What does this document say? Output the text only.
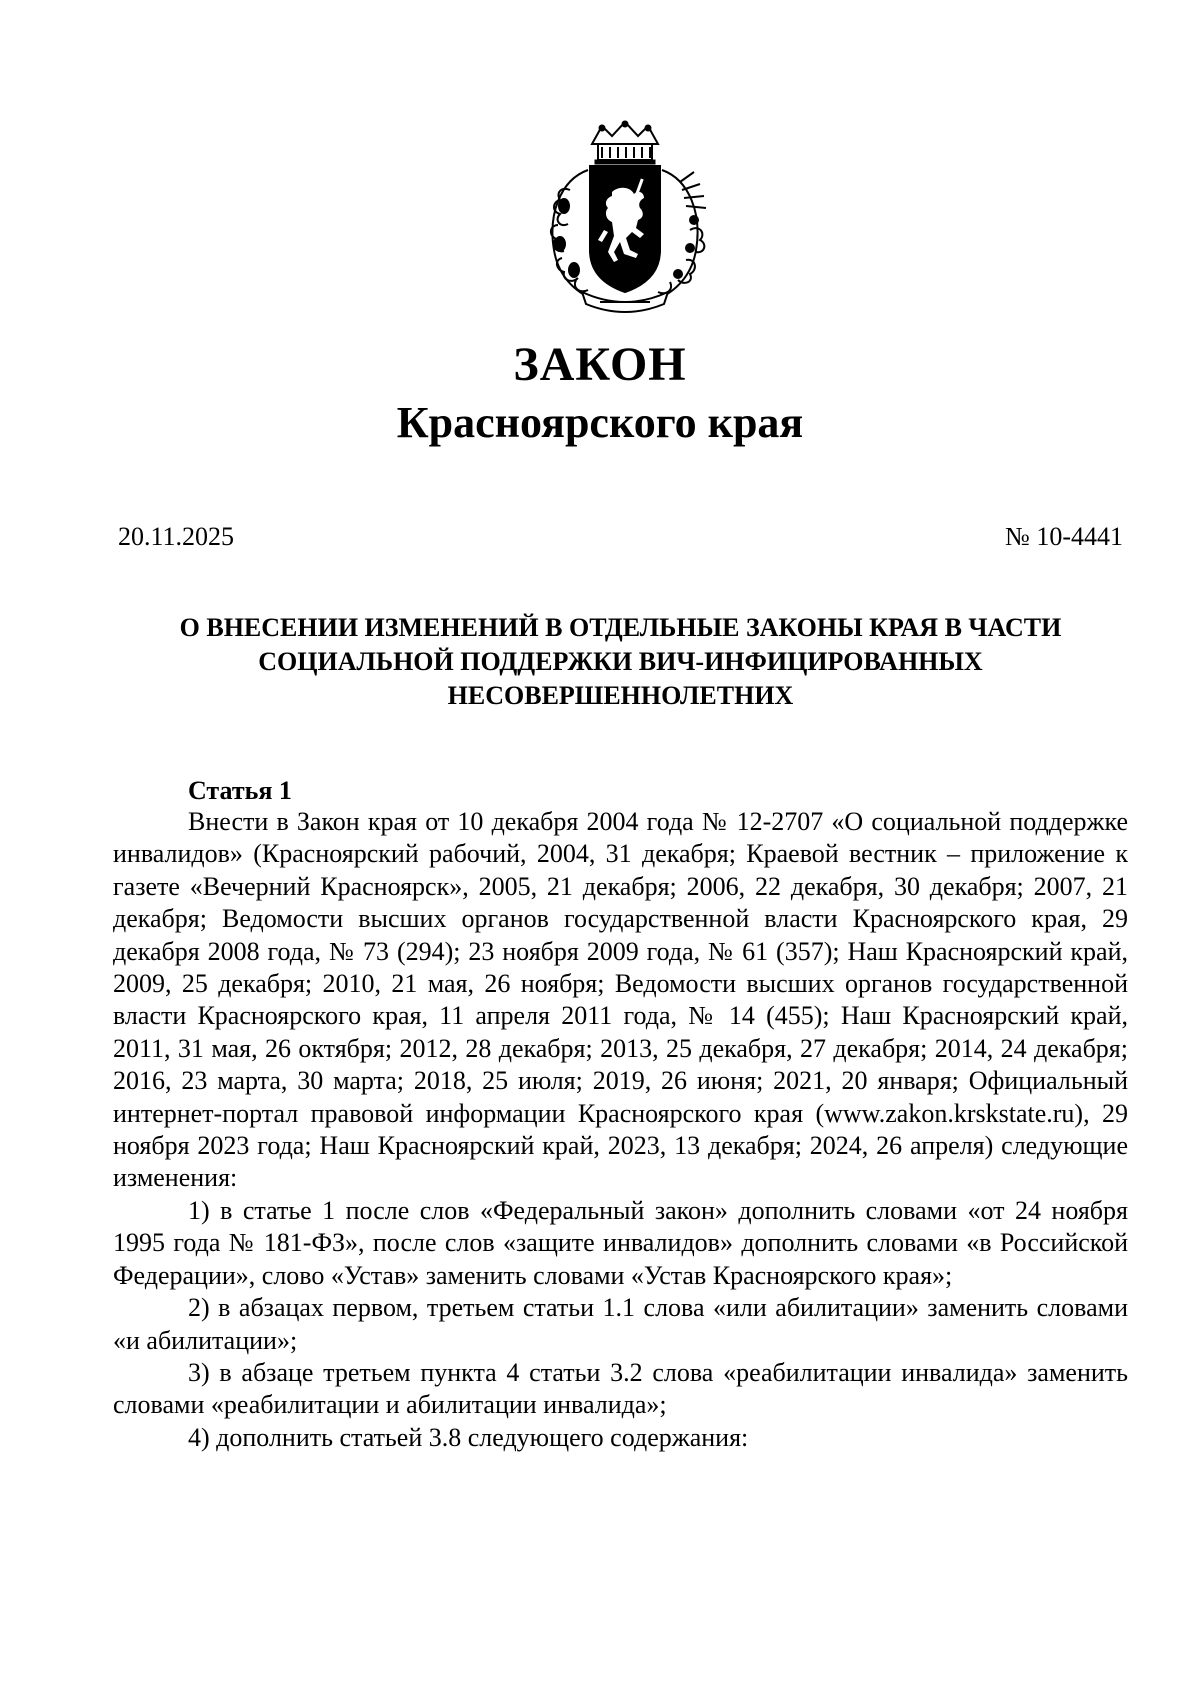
ЗАКОН
Красноярского края
20.11.2025	№ 10-4441
О ВНЕСЕНИИ ИЗМЕНЕНИЙ В ОТДЕЛЬНЫЕ ЗАКОНЫ КРАЯ В ЧАСТИ
СОЦИАЛЬНОЙ ПОДДЕРЖКИ ВИЧ-ИНФИЦИРОВАННЫХ
НЕСОВЕРШЕННОЛЕТНИХ
Статья 1

Внести в Закон края от 10 декабря 2004 года № 12-2707 «О социальной поддержке инвалидов» (Красноярский рабочий, 2004, 31 декабря; Краевой вестник – приложение к газете «Вечерний Красноярск», 2005, 21 декабря; 2006, 22 декабря, 30 декабря; 2007, 21 декабря; Ведомости высших органов государственной власти Красноярского края, 29 декабря 2008 года, № 73 (294); 23 ноября 2009 года, № 61 (357); Наш Красноярский край, 2009, 25 декабря; 2010, 21 мая, 26 ноября; Ведомости высших органов государственной власти Красноярского края, 11 апреля 2011 года, № 14 (455); Наш Красноярский край, 2011, 31 мая, 26 октября; 2012, 28 декабря; 2013, 25 декабря, 27 декабря; 2014, 24 декабря; 2016, 23 марта, 30 марта; 2018, 25 июля; 2019, 26 июня; 2021, 20 января; Официальный интернет-портал правовой информации Красноярского края (www.zakon.krskstate.ru), 29 ноября 2023 года; Наш Красноярский край, 2023, 13 декабря; 2024, 26 апреля) следующие изменения:

1) в статье 1 после слов «Федеральный закон» дополнить словами «от 24 ноября 1995 года № 181-ФЗ», после слов «защите инвалидов» дополнить словами «в Российской Федерации», слово «Устав» заменить словами «Устав Красноярского края»;

2) в абзацах первом, третьем статьи 1.1 слова «или абилитации» заменить словами «и абилитации»;

3) в абзаце третьем пункта 4 статьи 3.2 слова «реабилитации инвалида» заменить словами «реабилитации и абилитации инвалида»;

4) дополнить статьей 3.8 следующего содержания:
